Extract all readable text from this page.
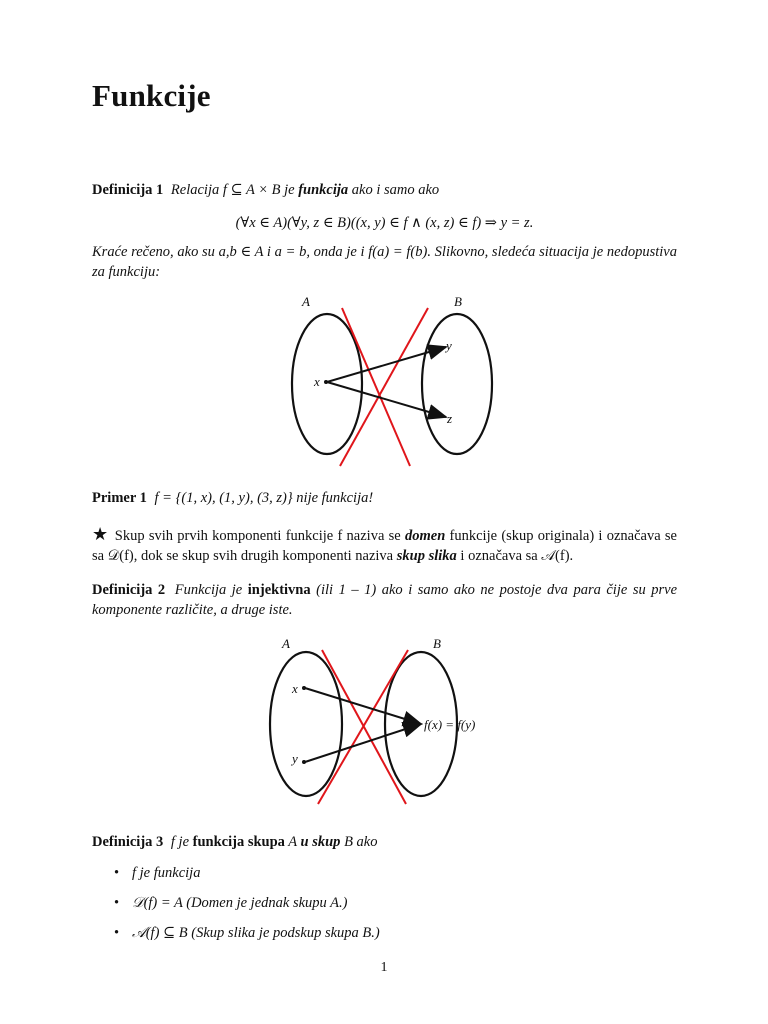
Funkcije
Definicija 1 Relacija f ⊆ A × B je funkcija ako i samo ako
(∀x ∈ A)(∀y, z ∈ B)((x, y) ∈ f ∧ (x, z) ∈ f) ⇒ y = z.
Kraće rečeno, ako su a,b ∈ A i a = b, onda je i f(a) = f(b). Slikovno, sledeća situacija je nedopustiva za funkciju:
A	B
x
y
z
Primer 1 f = {(1, x), (1, y), (3, z)} nije funkcija!
★ Skup svih prvih komponenti funkcije f naziva se domen funkcije (skup originala) i označava se sa 𝒟(f), dok se skup svih drugih komponenti naziva skup slika i označava sa 𝒜(f).
Definicija 2 Funkcija je injektivna (ili 1 – 1) ako i samo ako ne postoje dva para čije su prve komponente različite, a druge iste.
A	B
x
y
f(x) = f(y)
Definicija 3 f je funkcija skupa A u skup B ako
• f je funkcija
• 𝒟(f) = A (Domen je jednak skupu A.)
• 𝒜(f) ⊆ B (Skup slika je podskup skupa B.)
1
